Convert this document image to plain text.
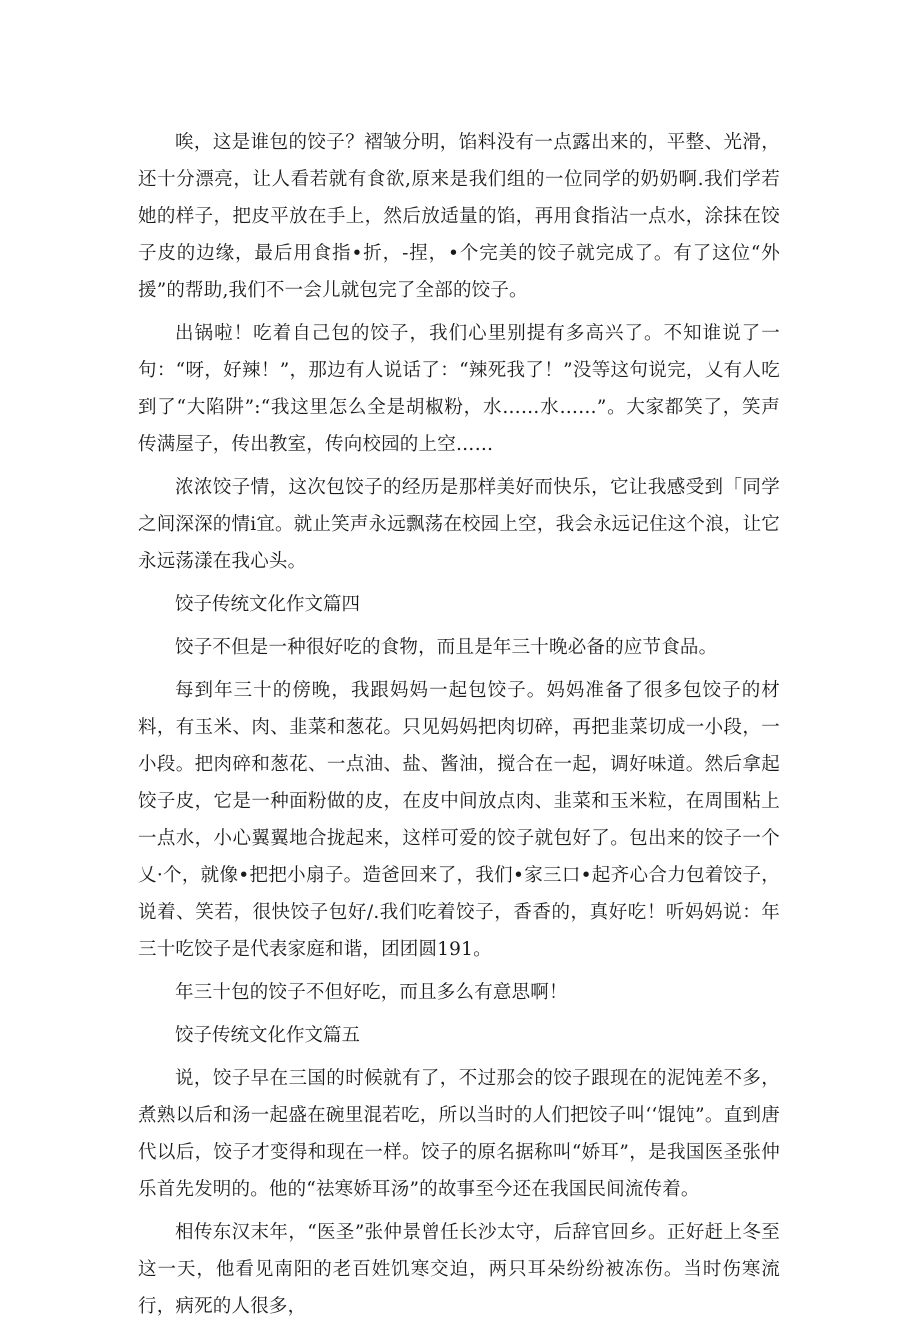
唉，这是谁包的饺子？褶皱分明，馅料没有一点露出来的，平整、光滑，还十分漂亮，让人看若就有食欲,原来是我们组的一位同学的奶奶啊.我们学若她的样子，把皮平放在手上，然后放适量的馅，再用食指沾一点水，涂抹在饺子皮的边缘，最后用食指•折，-捏，•个完美的饺子就完成了。有了这位“外援”的帮助,我们不一会儿就包完了全部的饺子。

出锅啦！吃着自己包的饺子，我们心里别提有多高兴了。不知谁说了一句：“呀，好辣！”，那边有人说话了：“辣死我了！”没等这句说完，乂有人吃到了“大陷阱”:“我这里怎么全是胡椒粉，水……水……”。大家都笑了，笑声传满屋子，传出教室，传向校园的上空……

浓浓饺子情，这次包饺子的经历是那样美好而快乐，它让我感受到「同学之间深深的情i宜。就止笑声永远飘荡在校园上空，我会永远记住这个浪，让它永远荡漾在我心头。

饺子传统文化作文篇四

饺子不但是一种很好吃的食物，而且是年三十晚必备的应节食品。

每到年三十的傍晚，我跟妈妈一起包饺子。妈妈准备了很多包饺子的材料，有玉米、肉、韭菜和葱花。只见妈妈把肉切碎，再把韭菜切成一小段，一小段。把肉碎和葱花、一点油、盐、酱油，搅合在一起，调好味道。然后拿起饺子皮，它是一种面粉做的皮，在皮中间放点肉、韭菜和玉米粒，在周围粘上一点水，小心翼翼地合拢起来，这样可爱的饺子就包好了。包出来的饺子一个乂·个，就像•把把小扇子。造爸回来了，我们•家三口•起齐心合力包着饺子，说着、笑若，很快饺子包好/.我们吃着饺子，香香的，真好吃！听妈妈说：年三十吃饺子是代表家庭和谐，团团圆191。

年三十包的饺子不但好吃，而且多么有意思啊！

饺子传统文化作文篇五

说，饺子早在三国的时候就有了，不过那会的饺子跟现在的泥饨差不多，煮熟以后和汤一起盛在碗里混若吃，所以当时的人们把饺子叫‘‘馄饨”。直到唐代以后，饺子才变得和现在一样。饺子的原名据称叫“娇耳”，是我国医圣张仲乐首先发明的。他的“祛寒娇耳汤”的故事至今还在我国民间流传着。

相传东汉末年，“医圣”张仲景曾任长沙太守，后辞官回乡。正好赶上冬至这一天，他看见南阳的老百姓饥寒交迫，两只耳朵纷纷被冻伤。当时伤寒流行，病死的人很多，
